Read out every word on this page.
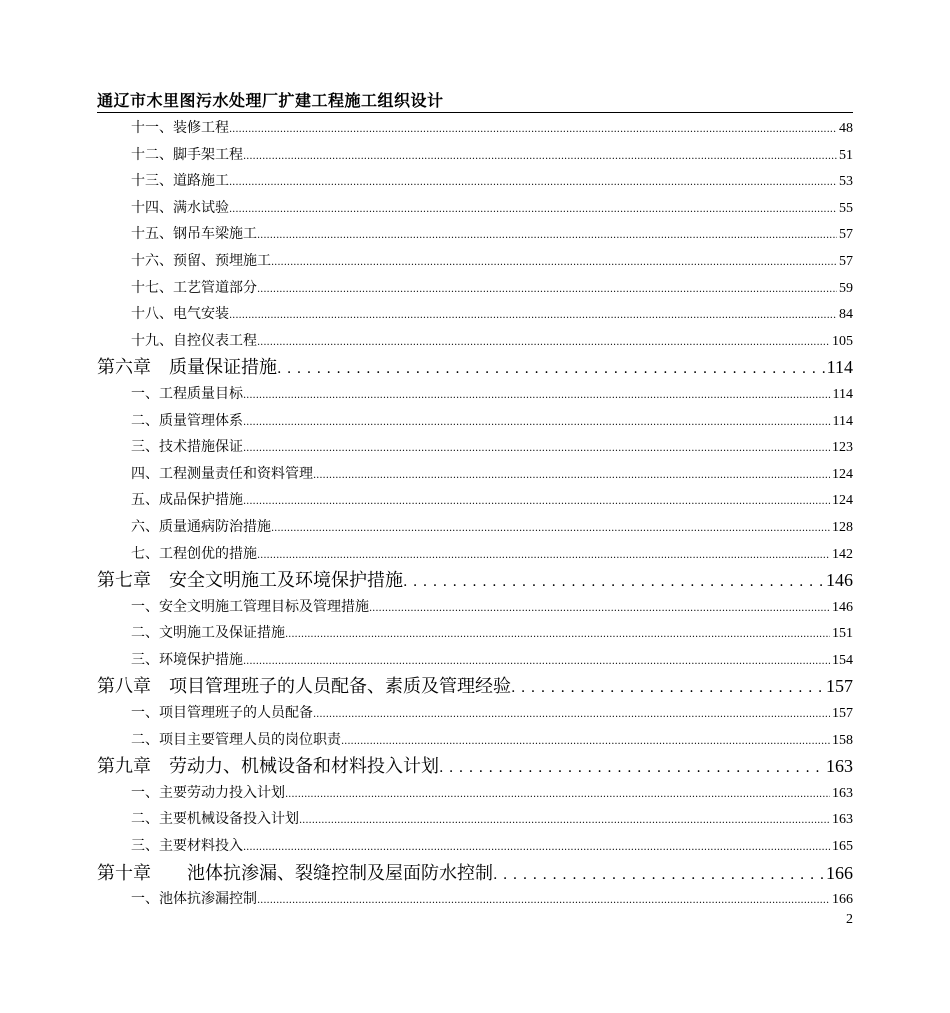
通辽市木里图污水处理厂扩建工程施工组织设计
十一、装修工程 .....	48
十二、脚手架工程 .....	51
十三、道路施工 .....	53
十四、满水试验 .....	55
十五、钢吊车梁施工 .....	57
十六、预留、预埋施工 .....	57
十七、工艺管道部分 .....	59
十八、电气安装 .....	84
十九、自控仪表工程 .....	105
第六章　质量保证措施 . . .	114
一、工程质量目标 .....	114
二、质量管理体系 .....	114
三、技术措施保证 .....	123
四、工程测量责任和资料管理 .....	124
五、成品保护措施 .....	124
六、质量通病防治措施 .....	128
七、工程创优的措施 .....	142
第七章　安全文明施工及环境保护措施 . . .	146
一、安全文明施工管理目标及管理措施 .....	146
二、文明施工及保证措施 .....	151
三、环境保护措施 .....	154
第八章　项目管理班子的人员配备、素质及管理经验 . . .	157
一、项目管理班子的人员配备 .....	157
二、项目主要管理人员的岗位职责 .....	158
第九章　劳动力、机械设备和材料投入计划 . . .	163
一、主要劳动力投入计划 .....	163
二、主要机械设备投入计划 .....	163
三、主要材料投入 .....	165
第十章　　池体抗渗漏、裂缝控制及屋面防水控制 . . .	166
一、池体抗渗漏控制 .....	166
2
